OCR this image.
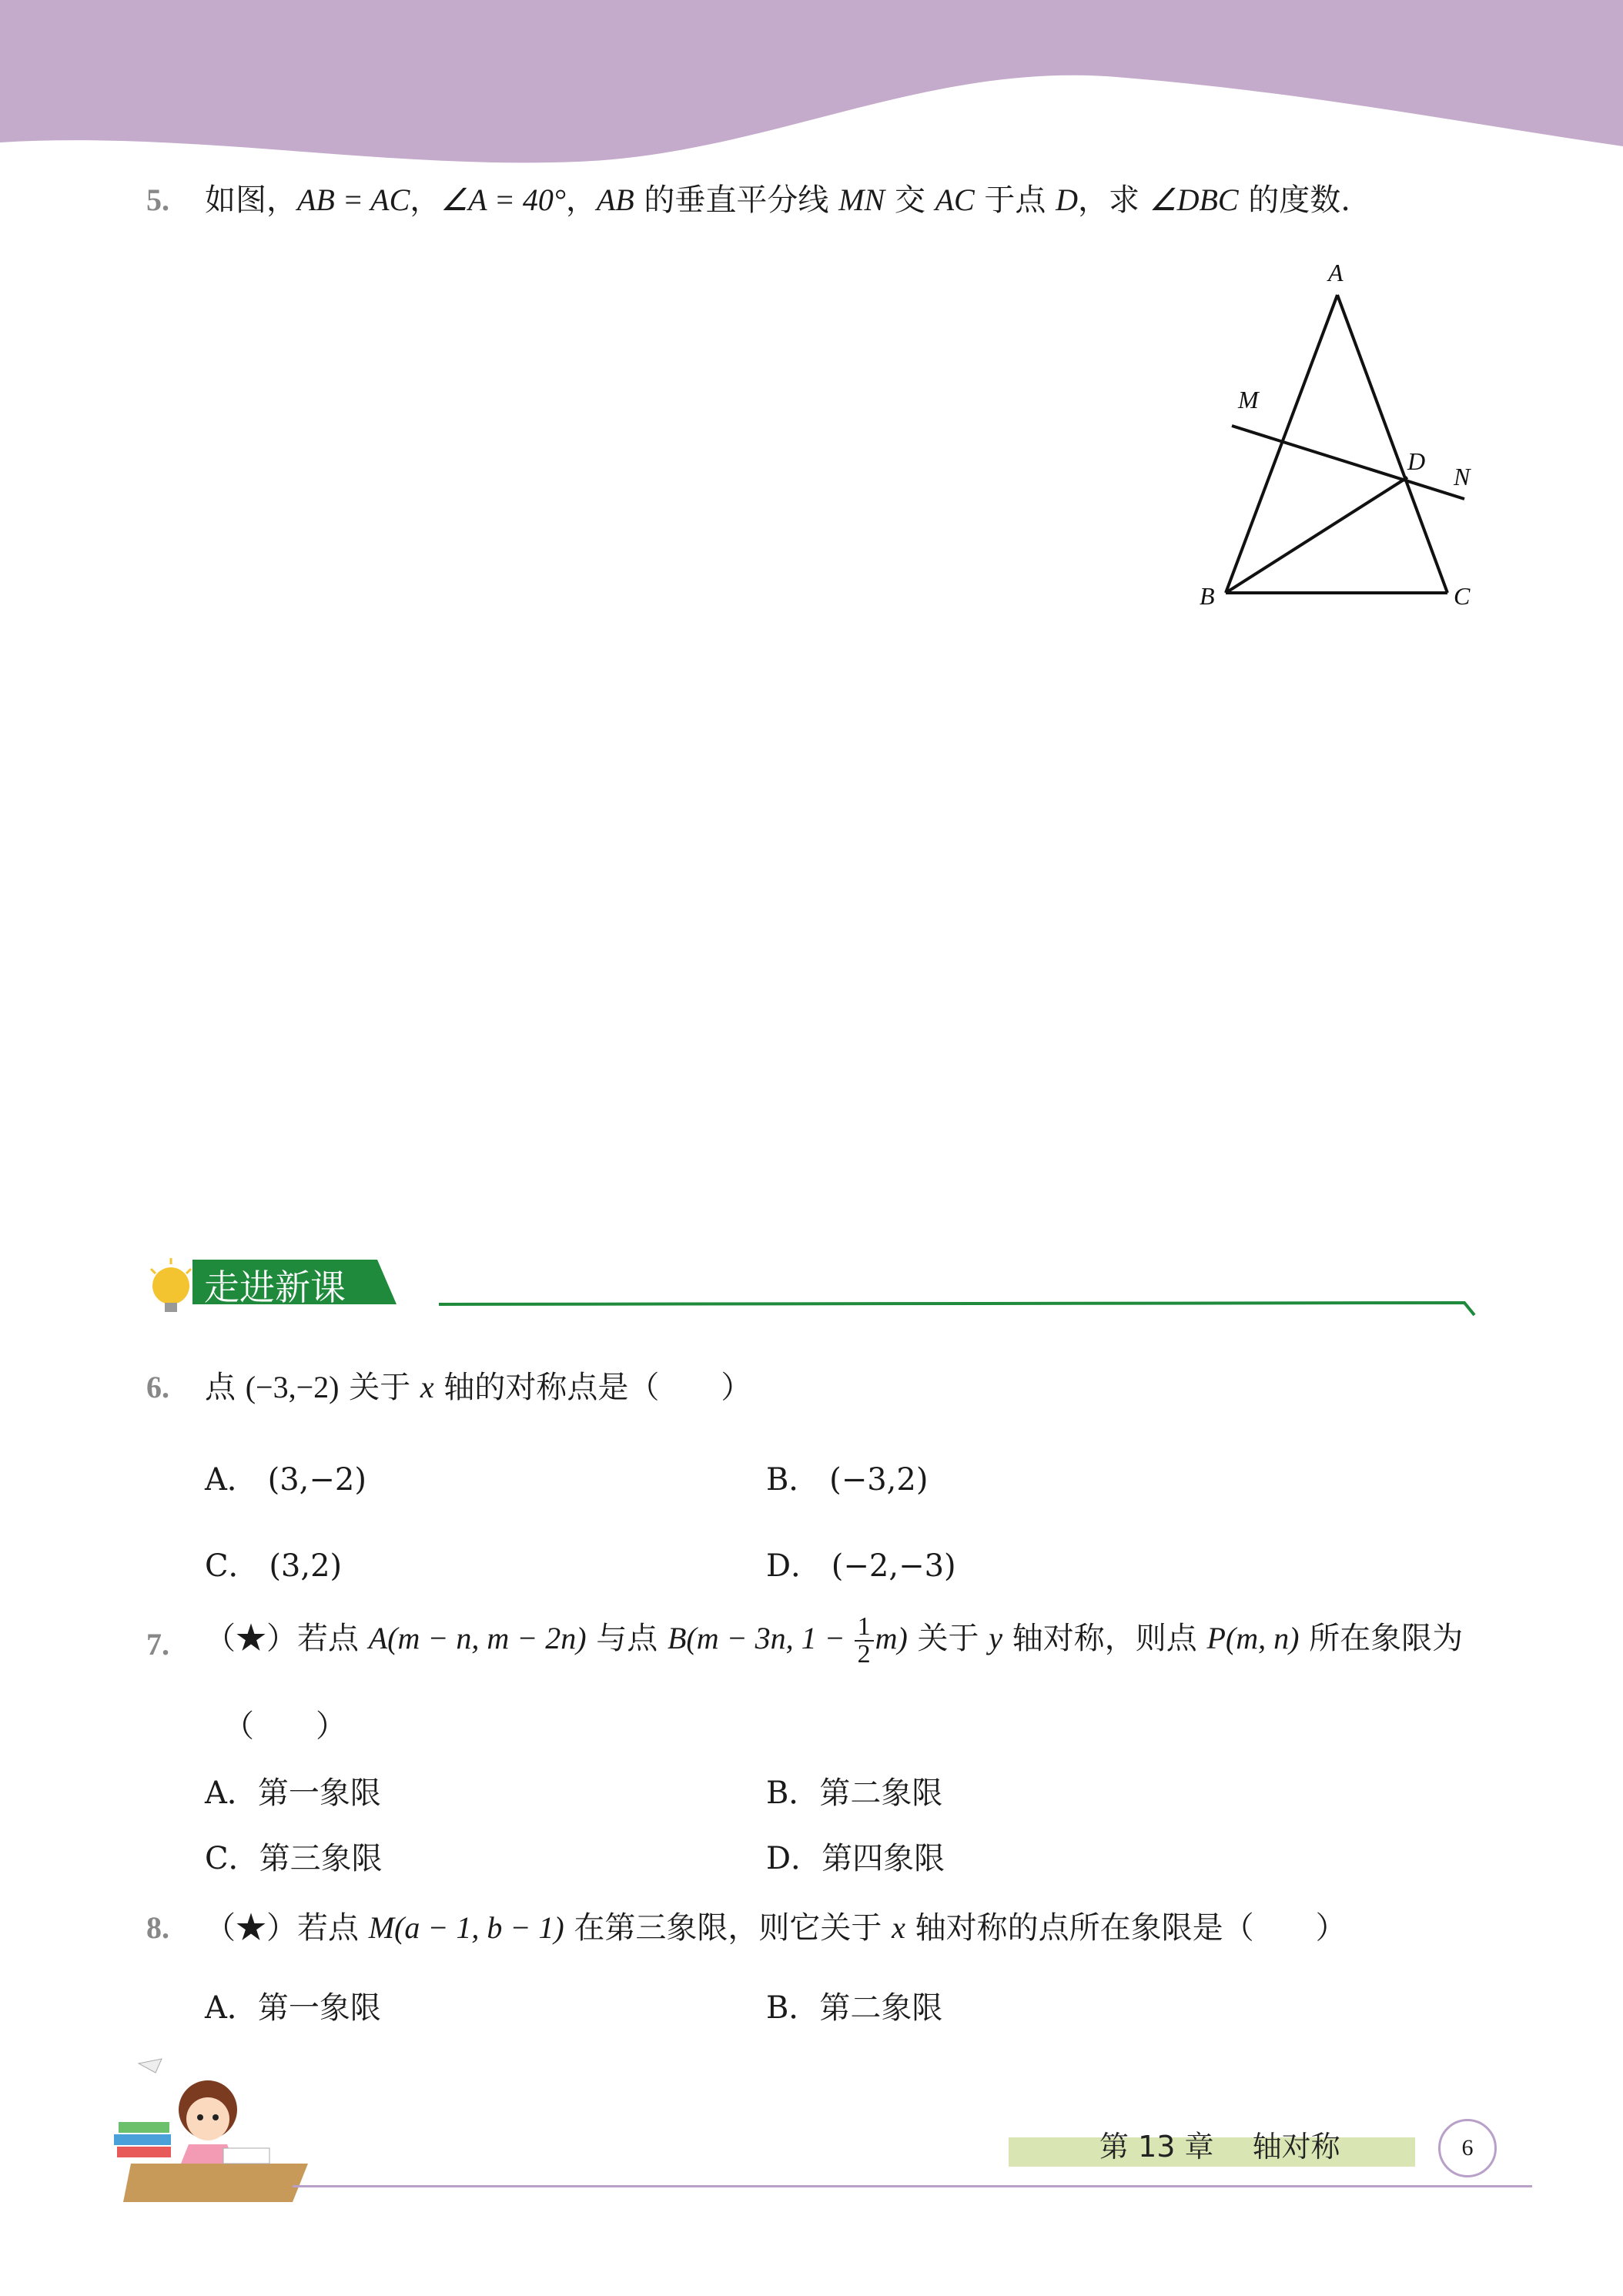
5. 如图，AB = AC，∠A = 40°，AB 的垂直平分线 MN 交 AC 于点 D，求 ∠DBC 的度数.
A
M
D
N
B	C
走进新课
6. 点 (−3,−2) 关于 x 轴的对称点是（　　）
A． (3,−2)	B． (−3,2)
C． (3,2)	D． (−2,−3)
7. （★）若点 A(m − n, m − 2n) 与点 B(m − 3n, $1 - \frac{1}{2} m$) 关于 y 轴对称，则点 P(m, n) 所在象限为
（　　）
A．第一象限	B．第二象限
C．第三象限	D．第四象限
8. （★）若点 M(a − 1, b − 1) 在第三象限，则它关于 x 轴对称的点所在象限是（　　）
A．第一象限	B．第二象限
第 13 章　 轴对称	6
